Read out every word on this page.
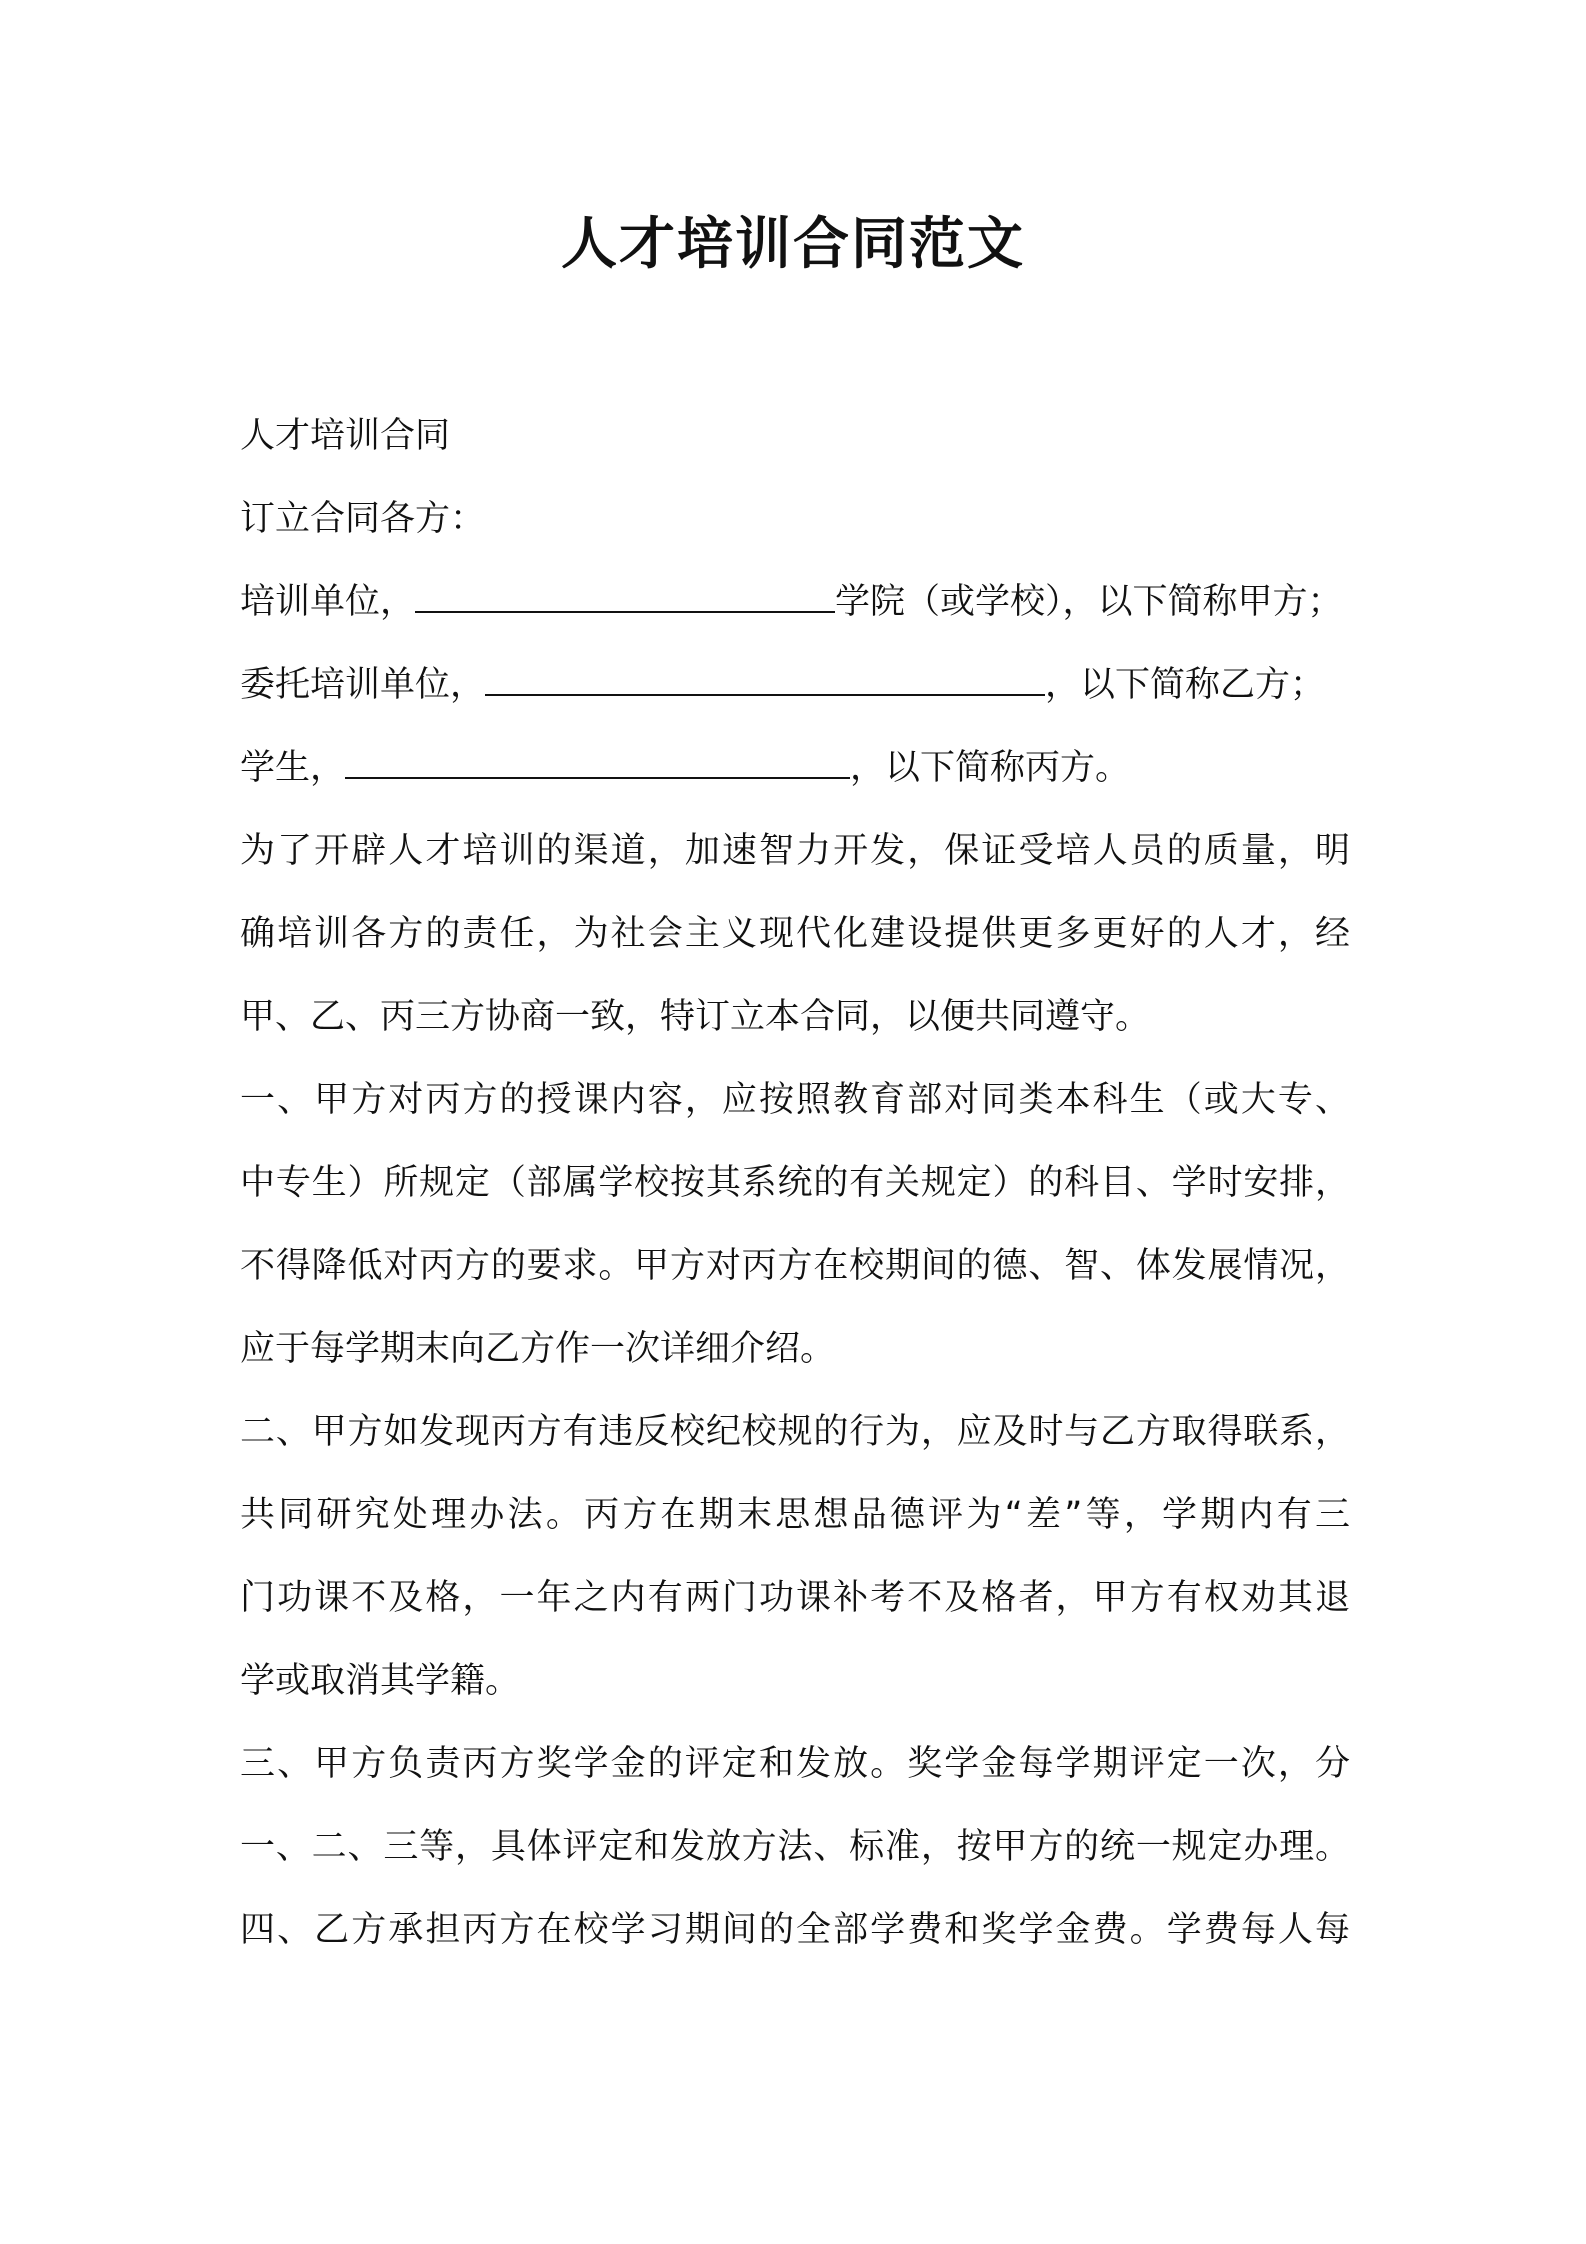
人才培训合同范文
人才培训合同
订立合同各方：
培训单位，	学院（或学校），以下简称甲方；
委托培训单位，	，以下简称乙方；
学生，	，以下简称丙方。
为了开辟人才培训的渠道，加速智力开发，保证受培人员的质量，明
确培训各方的责任，为社会主义现代化建设提供更多更好的人才，经
甲、乙、丙三方协商一致，特订立本合同，以便共同遵守。
一、甲方对丙方的授课内容，应按照教育部对同类本科生（或大专、
中专生）所规定（部属学校按其系统的有关规定）的科目、学时安排，
不得降低对丙方的要求。甲方对丙方在校期间的德、智、体发展情况，
应于每学期末向乙方作一次详细介绍。
二、甲方如发现丙方有违反校纪校规的行为，应及时与乙方取得联系，
共同研究处理办法。丙方在期末思想品德评为“差”等，学期内有三
门功课不及格，一年之内有两门功课补考不及格者，甲方有权劝其退
学或取消其学籍。
三、甲方负责丙方奖学金的评定和发放。奖学金每学期评定一次，分
一、二、三等，具体评定和发放方法、标准，按甲方的统一规定办理。
四、乙方承担丙方在校学习期间的全部学费和奖学金费。学费每人每
